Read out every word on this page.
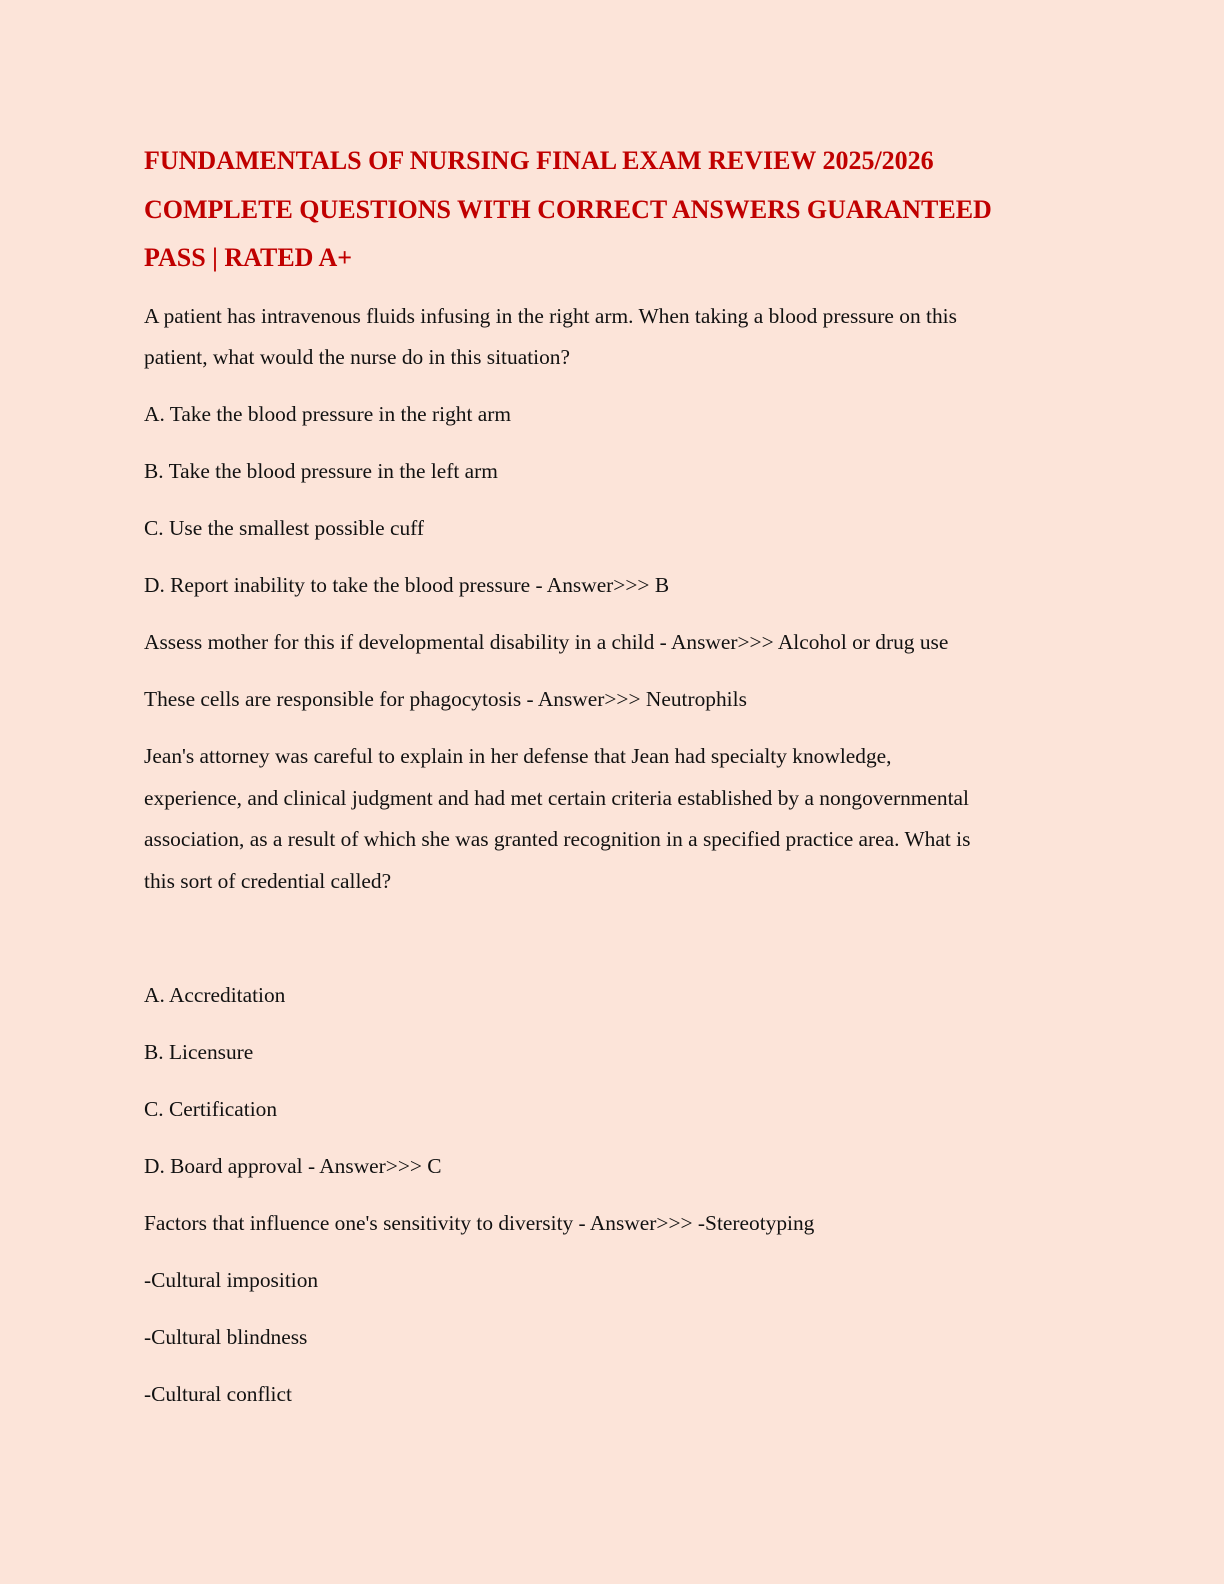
FUNDAMENTALS OF NURSING FINAL EXAM REVIEW 2025/2026
COMPLETE QUESTIONS WITH CORRECT ANSWERS GUARANTEED
PASS | RATED A+

A patient has intravenous fluids infusing in the right arm. When taking a blood pressure on this

patient, what would the nurse do in this situation?

A. Take the blood pressure in the right arm

B. Take the blood pressure in the left arm

C. Use the smallest possible cuff

D. Report inability to take the blood pressure - Answer>>> B

Assess mother for this if developmental disability in a child - Answer>>> Alcohol or drug use

These cells are responsible for phagocytosis - Answer>>> Neutrophils

Jean's attorney was careful to explain in her defense that Jean had specialty knowledge,

experience, and clinical judgment and had met certain criteria established by a nongovernmental

association, as a result of which she was granted recognition in a specified practice area. What is

this sort of credential called?

A. Accreditation

B. Licensure

C. Certification

D. Board approval - Answer>>> C

Factors that influence one's sensitivity to diversity - Answer>>> -Stereotyping

-Cultural imposition

-Cultural blindness

-Cultural conflict
